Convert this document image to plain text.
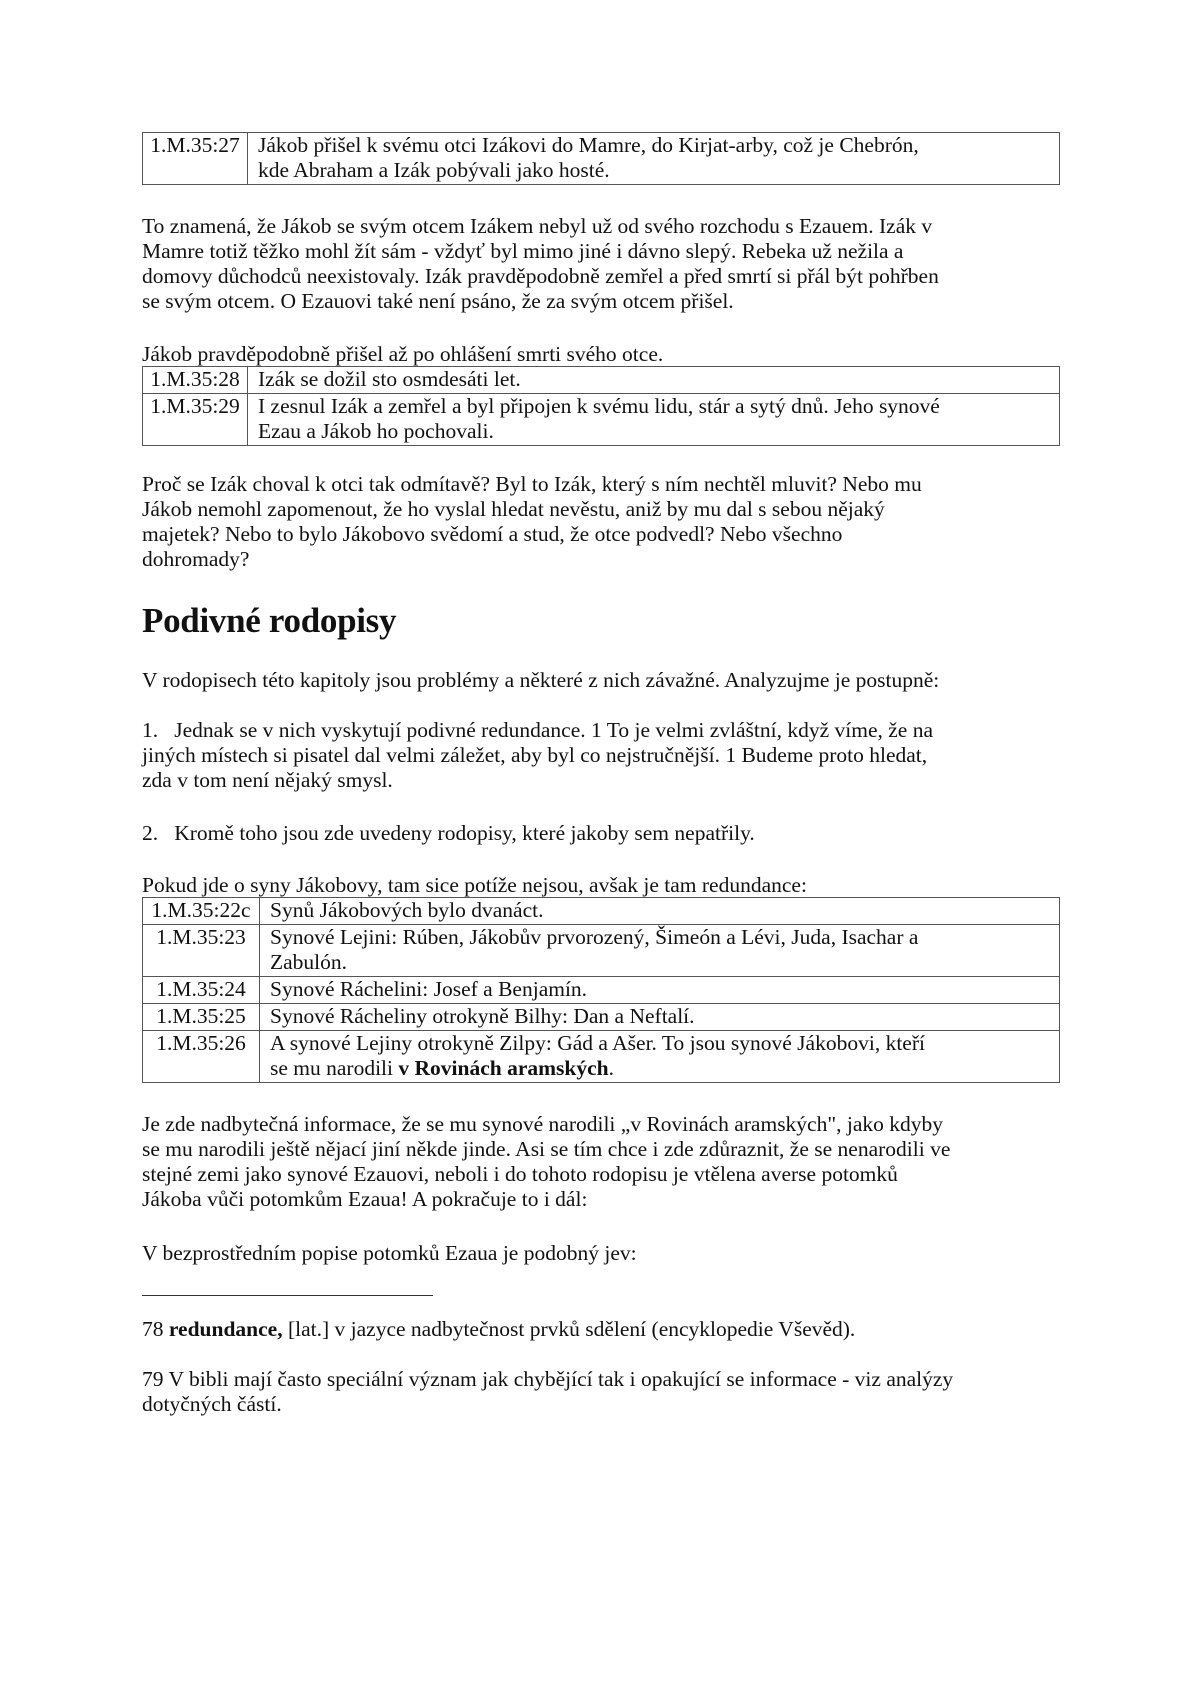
1.M.35:27	Jákob přišel k svému otci Izákovi do Mamre, do Kirjat-arby, což je Chebrón,
kde Abraham a Izák pobývali jako hosté.
To znamená, že Jákob se svým otcem Izákem nebyl už od svého rozchodu s Ezauem. Izák v
Mamre totiž těžko mohl žít sám - vždyť byl mimo jiné i dávno slepý. Rebeka už nežila a
domovy důchodců neexistovaly. Izák pravděpodobně zemřel a před smrtí si přál být pohřben
se svým otcem. O Ezauovi také není psáno, že za svým otcem přišel.
Jákob pravděpodobně přišel až po ohlášení smrti svého otce.
1.M.35:28	Izák se dožil sto osmdesáti let.

1.M.35:29	I zesnul Izák a zemřel a byl připojen k svému lidu, stár a sytý dnů. Jeho synové
Ezau a Jákob ho pochovali.
Proč se Izák choval k otci tak odmítavě? Byl to Izák, který s ním nechtěl mluvit? Nebo mu
Jákob nemohl zapomenout, že ho vyslal hledat nevěstu, aniž by mu dal s sebou nějaký
majetek? Nebo to bylo Jákobovo svědomí a stud, že otce podvedl? Nebo všechno
dohromady?
Podivné rodopisy
V rodopisech této kapitoly jsou problémy a některé z nich závažné. Analyzujme je postupně:
1.   Jednak se v nich vyskytují podivné redundance. 1 To je velmi zvláštní, když víme, že na
jiných místech si pisatel dal velmi záležet, aby byl co nejstručnější. 1 Budeme proto hledat,
zda v tom není nějaký smysl.
2.   Kromě toho jsou zde uvedeny rodopisy, které jakoby sem nepatřily.
Pokud jde o syny Jákobovy, tam sice potíže nejsou, avšak je tam redundance:
1.M.35:22c	Synů Jákobových bylo dvanáct.

1.M.35:23	Synové Lejini: Rúben, Jákobův prvorozený, Šimeón a Lévi, Juda, Isachar a
Zabulón.

1.M.35:24	Synové Ráchelini: Josef a Benjamín.

1.M.35:25	Synové Rácheliny otrokyně Bilhy: Dan a Neftalí.

1.M.35:26	A synové Lejiny otrokyně Zilpy: Gád a Ašer. To jsou synové Jákobovi, kteří
se mu narodili v Rovinách aramských.
Je zde nadbytečná informace, že se mu synové narodili „v Rovinách aramských", jako kdyby
se mu narodili ještě nějací jiní někde jinde. Asi se tím chce i zde zdůraznit, že se nenarodili ve
stejné zemi jako synové Ezauovi, neboli i do tohoto rodopisu je vtělena averse potomků
Jákoba vůči potomkům Ezaua! A pokračuje to i dál:
V bezprostředním popise potomků Ezaua je podobný jev:
78 redundance, [lat.] v jazyce nadbytečnost prvků sdělení (encyklopedie Vševěd).
79 V bibli mají často speciální význam jak chybějící tak i opakující se informace - viz analýzy
dotyčných částí.
